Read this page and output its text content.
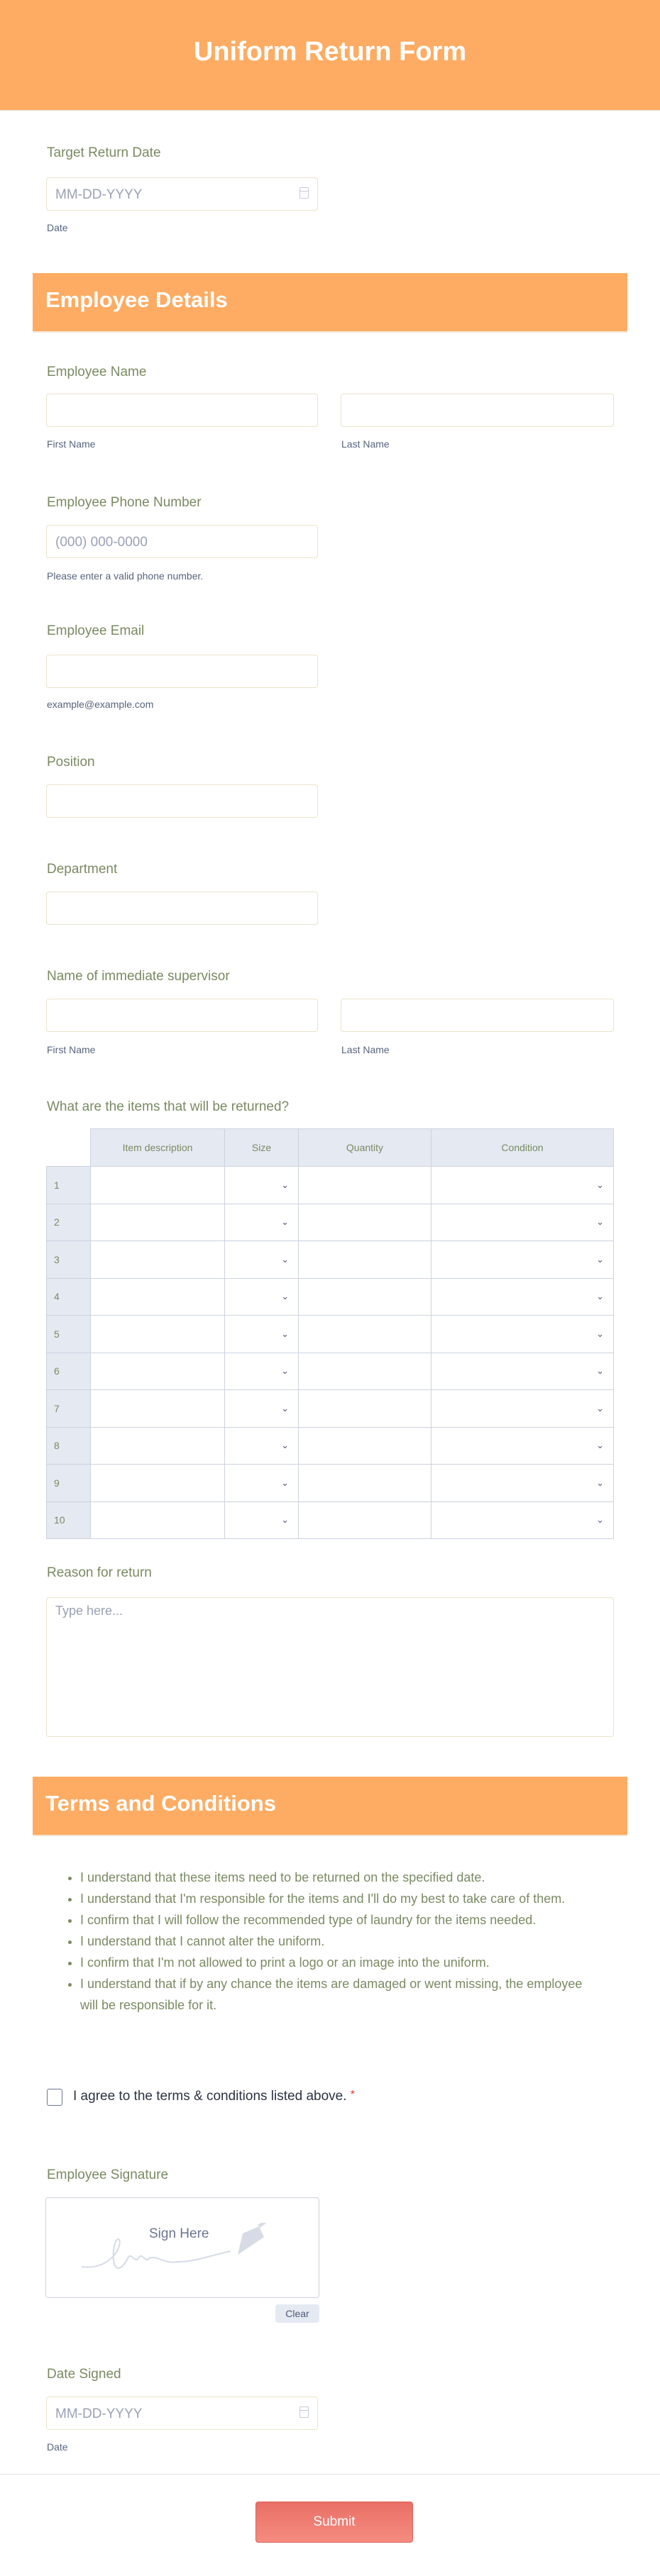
Uniform Return Form
Target Return Date
MM-DD-YYYY
Date
Employee Details
Employee Name
First Name	Last Name
Employee Phone Number
(000) 000-0000
Please enter a valid phone number.
Employee Email
example@example.com
Position
Department
Name of immediate supervisor
First Name	Last Name
What are the items that will be returned?
	Item description	Size	Quantity	Condition
1		⌄		⌄

2		⌄		⌄

3		⌄		⌄

4		⌄		⌄

5		⌄		⌄

6		⌄		⌄

7		⌄		⌄

8		⌄		⌄

9		⌄		⌄

10		⌄		⌄
Reason for return
Type here...
Terms and Conditions
• I understand that these items need to be returned on the specified date.
• I understand that I'm responsible for the items and I'll do my best to take care of them.
• I confirm that I will follow the recommended type of laundry for the items needed.
• I understand that I cannot alter the uniform.
• I confirm that I'm not allowed to print a logo or an image into the uniform.
• I understand that if by any chance the items are damaged or went missing, the employee will be responsible for it.
I agree to the terms & conditions listed above. *
Employee Signature
Sign Here
Clear
Date Signed
MM-DD-YYYY
Date
Submit
